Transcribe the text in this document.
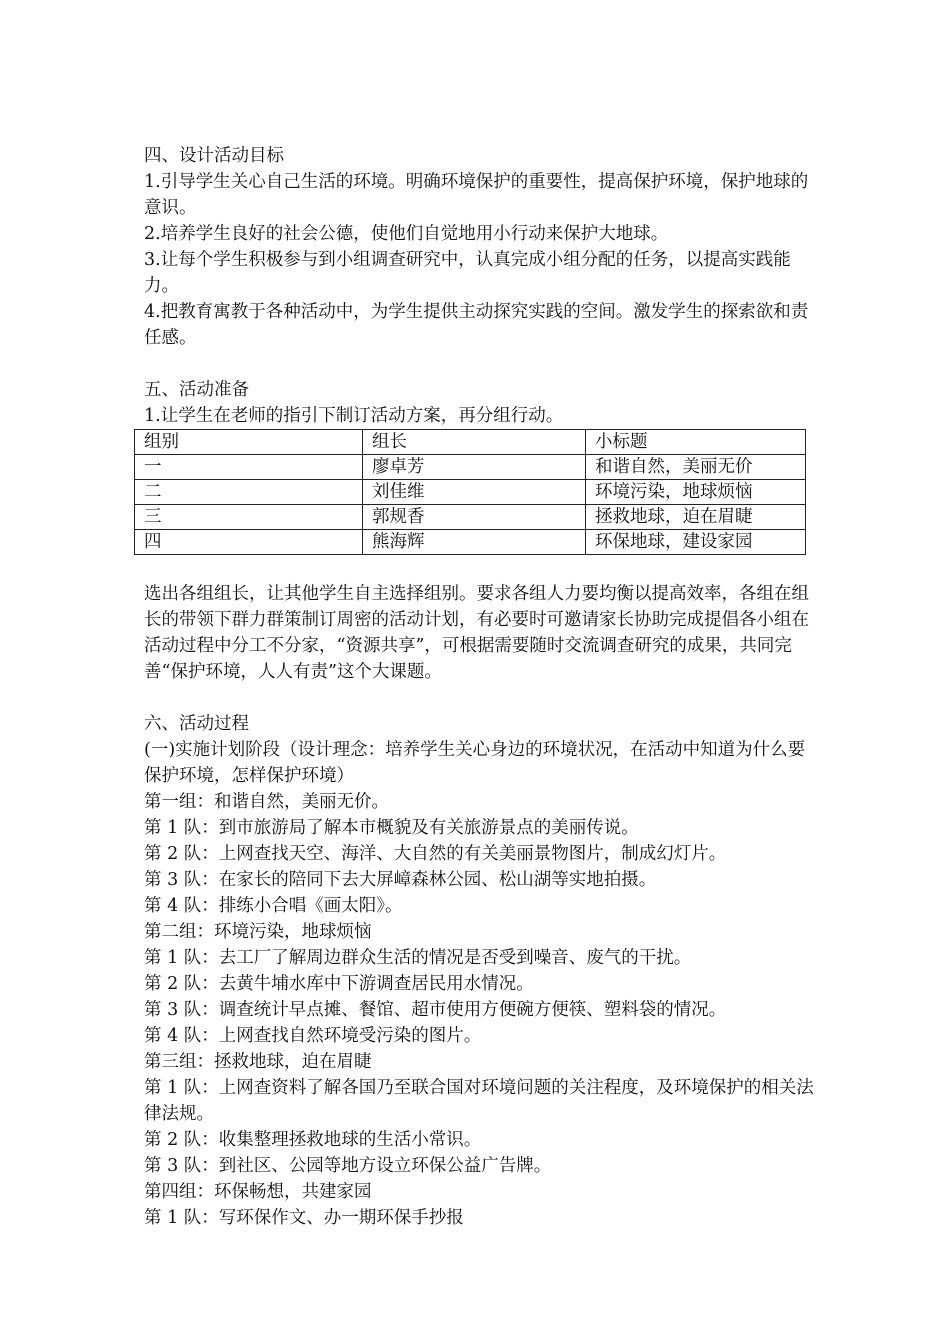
四、设计活动目标

1.引导学生关心自己生活的环境。明确环境保护的重要性，提高保护环境，保护地球的意识。

2.培养学生良好的社会公德，使他们自觉地用小行动来保护大地球。

3.让每个学生积极参与到小组调查研究中，认真完成小组分配的任务，以提高实践能力。

4.把教育寓教于各种活动中，为学生提供主动探究实践的空间。激发学生的探索欲和责任感。

五、活动准备

1.让学生在老师的指引下制订活动方案，再分组行动。

组别	组长	小标题
一	廖卓芳	和谐自然，美丽无价
二	刘佳维	环境污染，地球烦恼
三	郭规香	拯救地球，迫在眉睫
四	熊海辉	环保地球，建设家园

选出各组组长，让其他学生自主选择组别。要求各组人力要均衡以提高效率，各组在组长的带领下群力群策制订周密的活动计划，有必要时可邀请家长协助完成提倡各小组在活动过程中分工不分家，“资源共享”，可根据需要随时交流调查研究的成果，共同完善“保护环境，人人有责”这个大课题。

六、活动过程

(一)实施计划阶段（设计理念：培养学生关心身边的环境状况，在活动中知道为什么要保护环境，怎样保护环境）

第一组：和谐自然，美丽无价。

第 1 队：到市旅游局了解本市概貌及有关旅游景点的美丽传说。

第 2 队：上网查找天空、海洋、大自然的有关美丽景物图片，制成幻灯片。

第 3 队：在家长的陪同下去大屏嶂森林公园、松山湖等实地拍摄。

第 4 队：排练小合唱《画太阳》。

第二组：环境污染，地球烦恼

第 1 队：去工厂了解周边群众生活的情况是否受到噪音、废气的干扰。

第 2 队：去黄牛埔水库中下游调查居民用水情况。

第 3 队：调查统计早点摊、餐馆、超市使用方便碗方便筷、塑料袋的情况。

第 4 队：上网查找自然环境受污染的图片。

第三组：拯救地球，迫在眉睫

第 1 队：上网查资料了解各国乃至联合国对环境问题的关注程度，及环境保护的相关法律法规。

第 2 队：收集整理拯救地球的生活小常识。

第 3 队：到社区、公园等地方设立环保公益广告牌。

第四组：环保畅想，共建家园

第 1 队：写环保作文、办一期环保手抄报
